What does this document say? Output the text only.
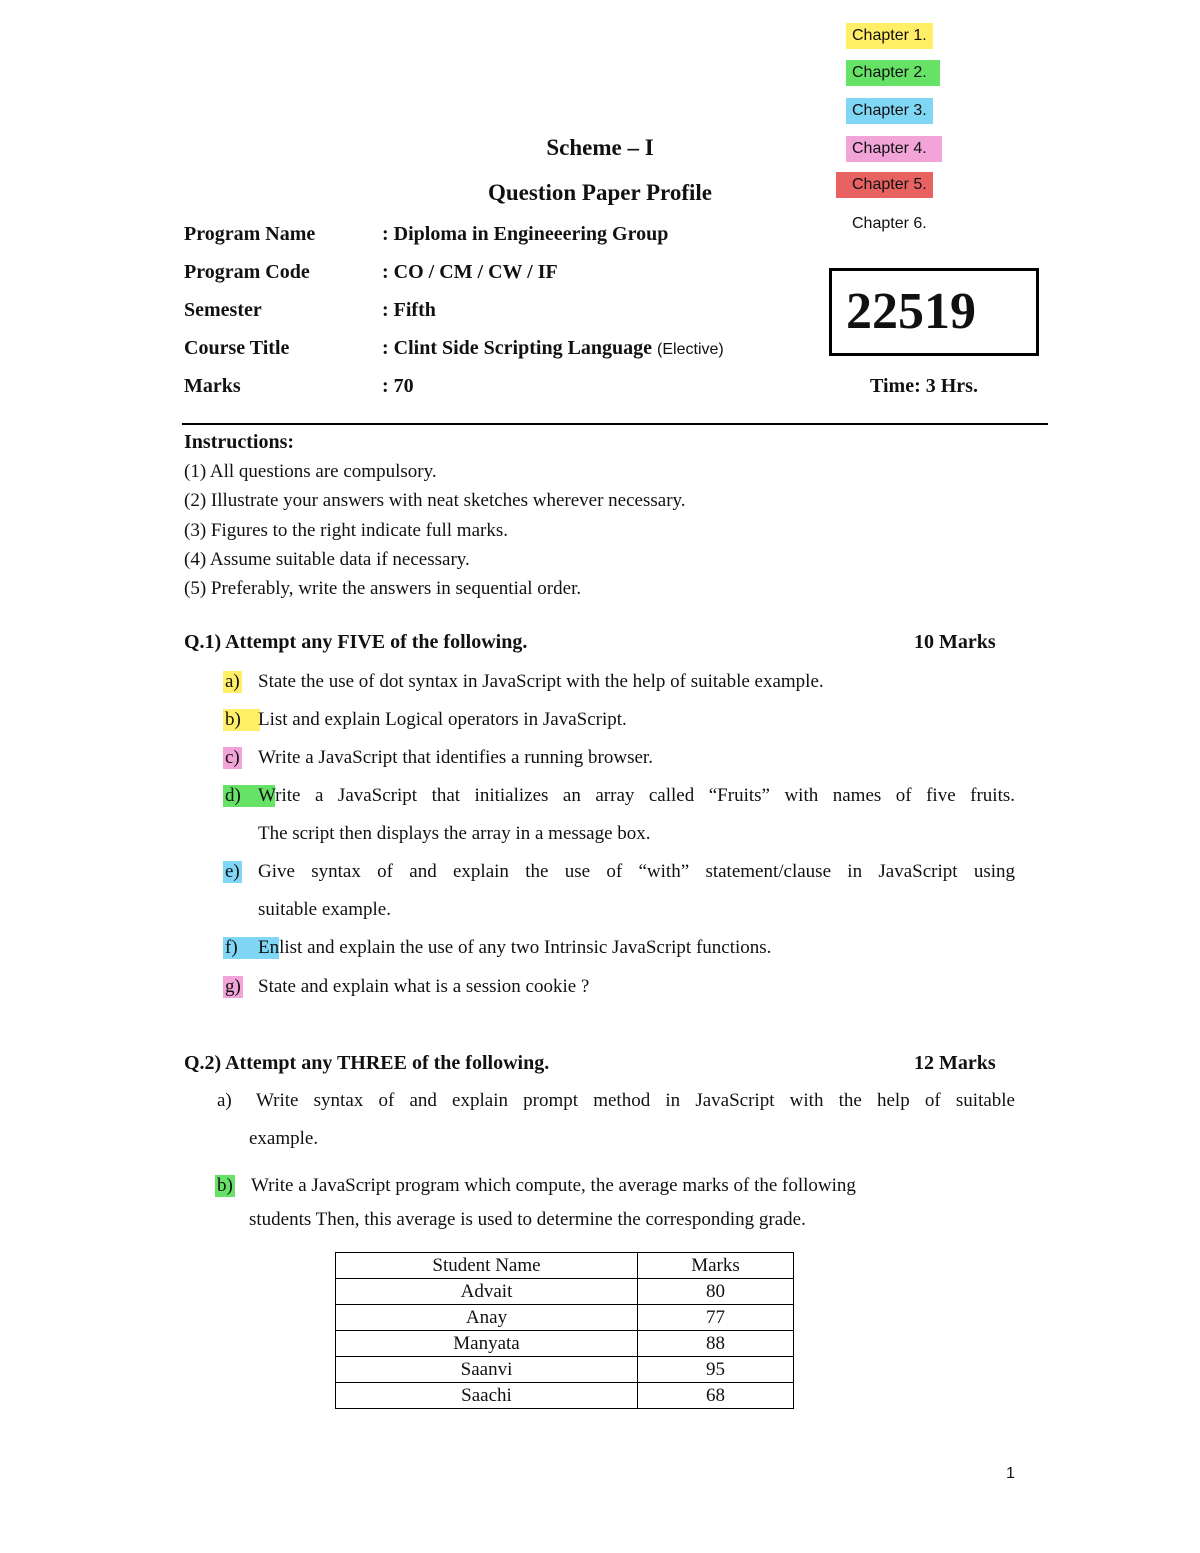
Chapter 1.
Chapter 2.
Chapter 3.
Chapter 4.
Chapter 5.
Chapter 6.
Scheme – I
Question Paper Profile
Program Name	: Diploma in Engineeering Group
Program Code	: CO / CM / CW / IF
Semester	: Fifth
Course Title	: Clint Side Scripting Language (Elective)
Marks	: 70
22519
Time: 3 Hrs.
Instructions:
(1) All questions are compulsory.
(2) Illustrate your answers with neat sketches wherever necessary.
(3) Figures to the right indicate full marks.
(4) Assume suitable data if necessary.
(5) Preferably, write the answers in sequential order.
Q.1) Attempt any FIVE of the following.	10 Marks
a) State the use of dot syntax in JavaScript with the help of suitable example.
b) List and explain Logical operators in JavaScript.
c) Write a JavaScript that identifies a running browser.
d) Write a JavaScript that initializes an array called “Fruits” with names of five fruits.
The script then displays the array in a message box.
e) Give syntax of and explain the use of “with” statement/clause in JavaScript using
suitable example.
f)	Enlist and explain the use of any two Intrinsic JavaScript functions.
g) State and explain what is a session cookie ?
Q.2) Attempt any THREE of the following.	12 Marks
a) Write syntax of and explain prompt method in JavaScript with the help of suitable
example.
b) Write a JavaScript program which compute, the average marks of the following
students Then, this average is used to determine the corresponding grade.
Student Name	Marks
Advait	80
Anay	77
Manyata	88
Saanvi	95
Saachi	68
1
